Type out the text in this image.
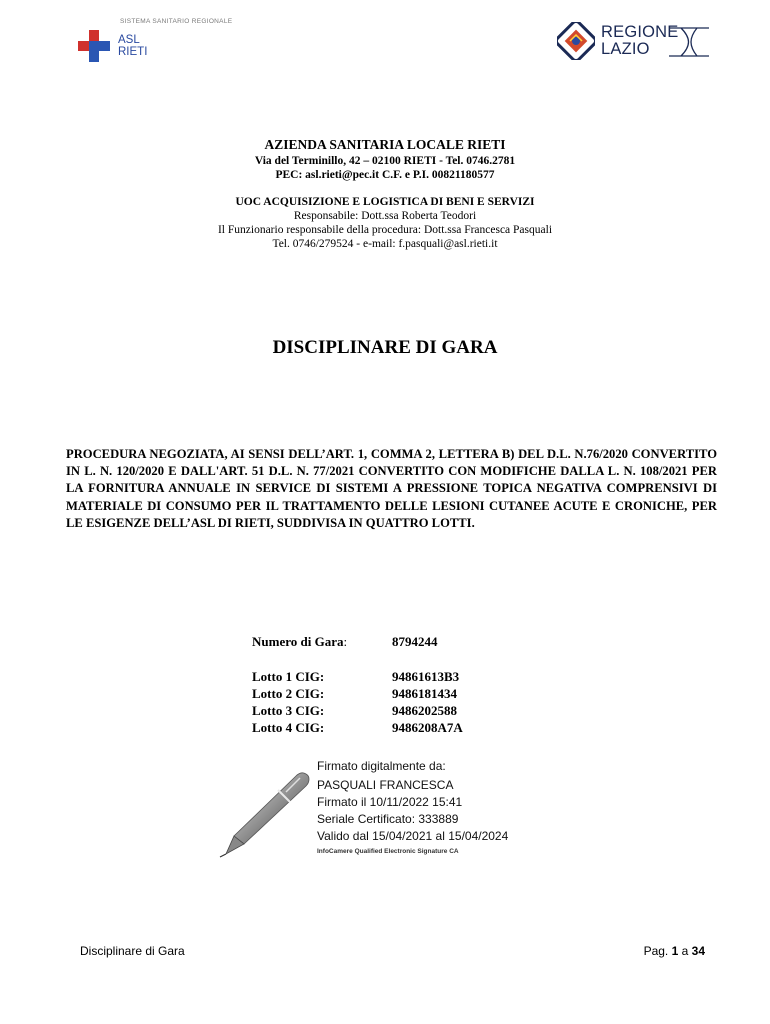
SISTEMA SANITARIO REGIONALE
ASL
RIETI
REGIONE
LAZIO
AZIENDA SANITARIA LOCALE RIETI
Via del Terminillo, 42 – 02100 RIETI - Tel. 0746.2781
PEC: asl.rieti@pec.it C.F. e P.I. 00821180577
UOC ACQUISIZIONE E LOGISTICA DI BENI E SERVIZI
Responsabile: Dott.ssa Roberta Teodori
Il Funzionario responsabile della procedura: Dott.ssa Francesca Pasquali
Tel. 0746/279524 - e-mail: f.pasquali@asl.rieti.it
DISCIPLINARE DI GARA
PROCEDURA NEGOZIATA, AI SENSI DELL’ART. 1, COMMA 2, LETTERA B) DEL D.L. N.76/2020 CONVERTITO IN L. N. 120/2020 E DALL'ART. 51 D.L. N. 77/2021 CONVERTITO CON MODIFICHE DALLA L. N. 108/2021 PER LA FORNITURA ANNUALE IN SERVICE DI SISTEMI A PRESSIONE TOPICA NEGATIVA COMPRENSIVI DI MATERIALE DI CONSUMO PER IL TRATTAMENTO DELLE LESIONI CUTANEE ACUTE E CRONICHE, PER LE ESIGENZE DELL’ASL DI RIETI, SUDDIVISA IN QUATTRO LOTTI.
Numero di Gara:	8794244
Lotto 1 CIG:	94861613B3
Lotto 2 CIG:	9486181434
Lotto 3 CIG:	9486202588
Lotto 4 CIG:	9486208A7A
Firmato digitalmente da:
PASQUALI FRANCESCA
Firmato il 10/11/2022 15:41
Seriale Certificato: 333889
Valido dal 15/04/2021 al 15/04/2024
InfoCamere Qualified Electronic Signature CA
Disciplinare di Gara	Pag. 1 a 34
